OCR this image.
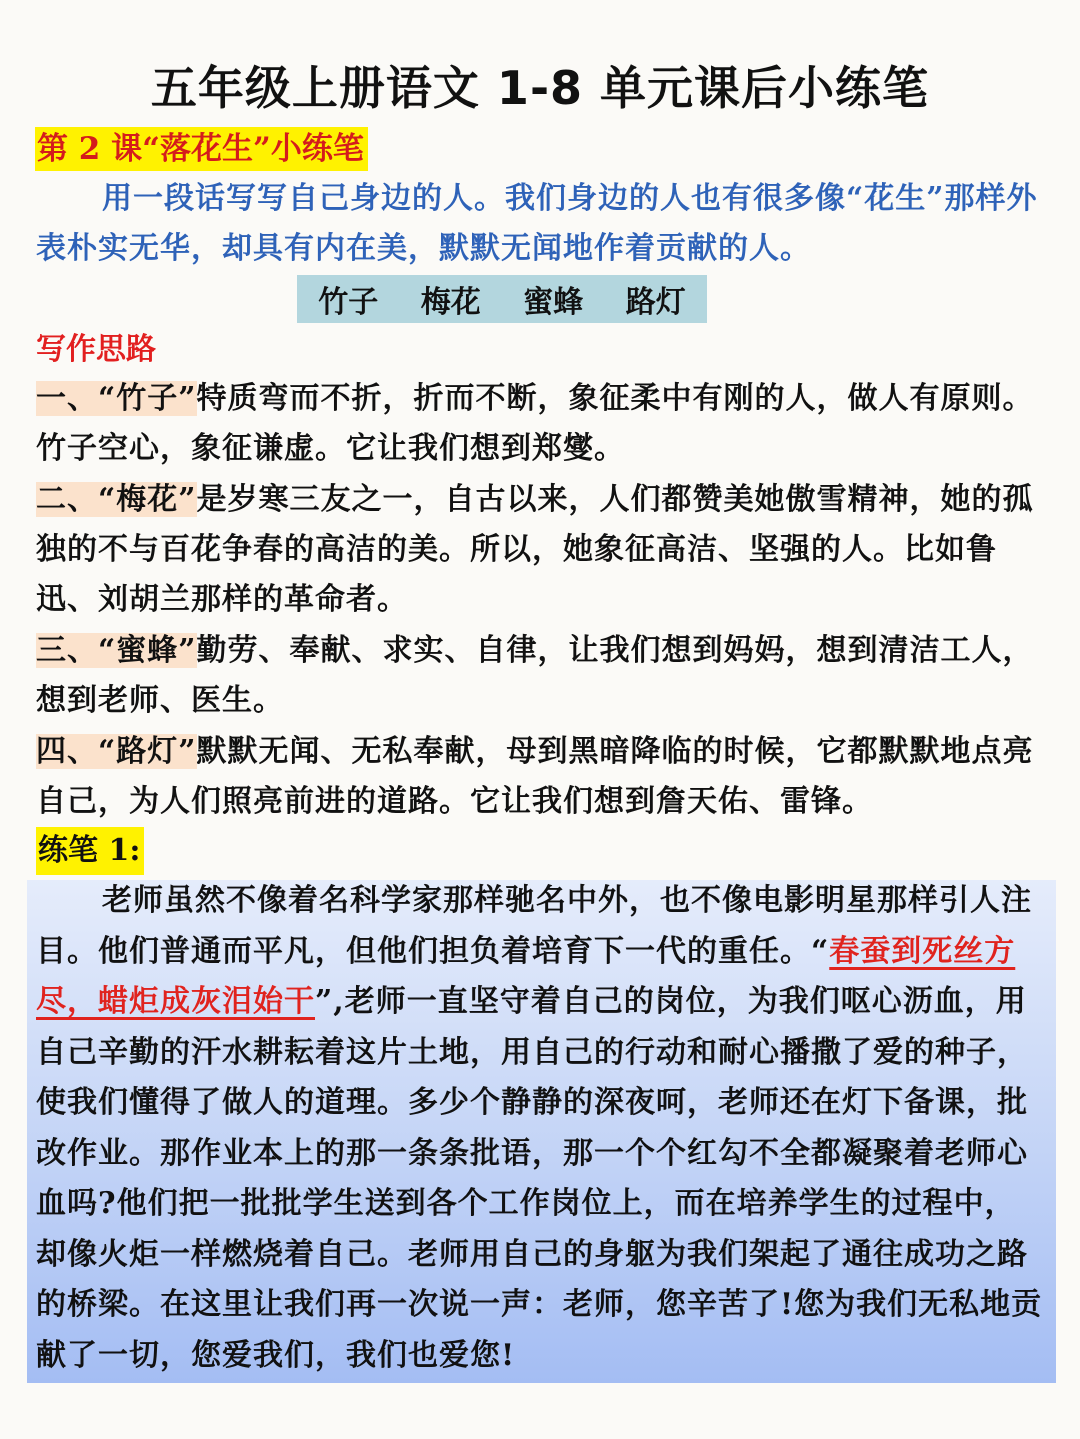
五年级上册语文 1-8 单元课后小练笔
第 2 课“落花生”小练笔
用一段话写写自己身边的人。我们身边的人也有很多像“花生”那样外表朴实无华，却具有内在美，默默无闻地作着贡献的人。
竹子 梅花 蜜蜂 路灯
写作思路
一、“竹子”特质弯而不折，折而不断，象征柔中有刚的人，做人有原则。竹子空心，象征谦虚。它让我们想到郑燮。
二、“梅花”是岁寒三友之一，自古以来，人们都赞美她傲雪精神，她的孤独的不与百花争春的高洁的美。所以，她象征高洁、坚强的人。比如鲁迅、刘胡兰那样的革命者。
三、“蜜蜂”勤劳、奉献、求实、自律，让我们想到妈妈，想到清洁工人，想到老师、医生。
四、“路灯”默默无闻、无私奉献，母到黑暗降临的时候，它都默默地点亮自己，为人们照亮前进的道路。它让我们想到詹天佑、雷锋。
练笔 1:
老师虽然不像着名科学家那样驰名中外，也不像电影明星那样引人注目。他们普通而平凡，但他们担负着培育下一代的重任。“春蚕到死丝方尽，蜡炬成灰泪始干”,老师一直坚守着自己的岗位，为我们呕心沥血，用自己辛勤的汗水耕耘着这片土地，用自己的行动和耐心播撒了爱的种子，使我们懂得了做人的道理。多少个静静的深夜呵，老师还在灯下备课，批改作业。那作业本上的那一条条批语，那一个个红勾不全都凝聚着老师心血吗?他们把一批批学生送到各个工作岗位上，而在培养学生的过程中，却像火炬一样燃烧着自己。老师用自己的身躯为我们架起了通往成功之路的桥梁。在这里让我们再一次说一声：老师，您辛苦了!您为我们无私地贡献了一切，您爱我们，我们也爱您!
